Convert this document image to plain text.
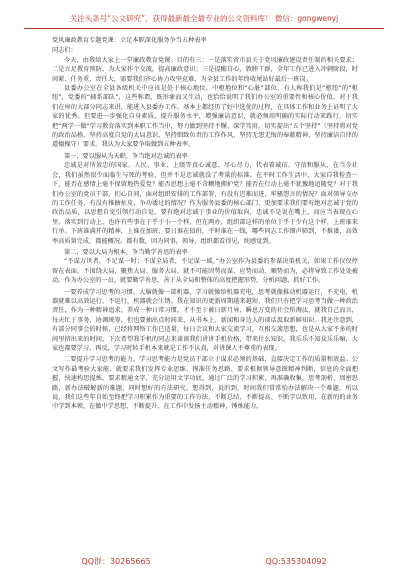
关注头条号“公文研究”，获得最新最全最专业的公文资料库！ 微信：gongwenyj

党风廉政教育专题党课：立足本职深化服务争当五种表率

同志们：

今天，由我给大家上一堂廉政教育党课。目的有三：一是落实省市县关于党风廉政建设责任制的相关要求；二是立足教育预防，为大家作个交流，提高廉政意识；三是提醒自心，敦睦干群，全年工作已进入冲刺阶段，时间紧、任务重，责任大，需要我们齐心协力攻坚克难，为全县工作的年终收尾站好最后一班岗。

县委办公室在全县各级机关中应该是处于核心地位，中枢地位和“心脏”部位，有人称我们是“枢纽”的“枢纽”，党委的“辅系部队”，这些称谓，既形象而又生动，也恰恰说明了我们办公室的重要性和核心价值。对于我们在座的大部分同志来讲，能进入县委办工作，基本上都经历了好中选优的过程，在具体工作和业务上证明了大家的优秀。但要进一步强化自身素质，提升服务水平，增强廉洁意识，就必须用明确的实际行动来践行，切实把“两学一做”学习教育落实到本职工作当中，努力做到坚持不懈、深学笃用，切实提出“五个坚持”（坚持将对党的政治品格、坚持高度自觉的大局意识、坚持细致负责的工作作风，坚持无怨无悔的奉献精神，坚持廉洁自律的道德操守）要求。我认为大家要争取做到五种表率。

第一，要以服从为天职，争当绝对忠诚的表率

忠诚是对所效忠的国家、人民、事业、上级等真心诚意、尽心尽力，代表着诚信、守信和服从，在当今社会，我们虽然很少面临生与死的考验，但并不是忠诚就没了考量的标准。在平时工作生活中，大家自我检查一下，能否在感情上毫不保留地热爱党？能否思想上毫不含糊地拥护党？能否在行动上毫不犹豫地追随党？对于我们办公室的党员干部，扪心自问，面对组织安排的工作部署，有没有迟难而进、牢骚怨言的情况？面对领导交办的工作任务，有没有推搪扯皮、争功诿过的情况？作为服务县委的核心部门，更加要求我们要有绝对忠诚于党的政治品质，以思想自觉引领行动自觉。要有绝对忠诚于事业的价值取向，忠诚不是说在嘴上，而应当表现在心里，落实到行动上，也许有些事在于乎于小一个样，但在两办，组织部这样的单位于乎于少有这个样，上班谁来行单。下班谁满开的精神，上谁在加班，要日谁在值班，平时谁在一线，哪些同志工作细声肺到，不推诿，高效率高质量完成，都能概况。都有数，因为同事，领导，组织都看得见，纯感觉到。

第二，要以大局为根本，争当勤学善思的表率

“不谋万世者，不足谋一时；不谋全局者，不足谋一域。”办公室作为县委的参谋决策机关，如果工作仅仅停留在表面，不围绕大局，聚焦大局、服务大局，就不可能因势而谋、应势而动、顺势而为，必将导致工作处处被动。作为办公室的一员，就要勤学善思，善于从全局和整体的高度把握形势，分析问题、抓好工作。

一要养成学习思考的习惯。大脑就像一部机器，学习就像给机器充电，思考就像推动机器运行，不充电，机器就难以高效运行，不运行，机器就会生锈。我在知识的更新周期越来越短，我们只有把学习思考当做一种政治责任，作为一种精神追求，养成一种日常习惯，才不至于被日新月异、瞬息万变的社会所淘汰，就我自己而言，每天忙于事务，协调统筹，但也要抽出点时间来，从书本上、新闻和身边人的谈话汲取新鲜知识。我还注意到，有部分同事会的时候，已经将网络工作已适量，每日会议和大家交流学习，互相交流思想，也是从大家不多的时间里挤出来的时间，下次希望我手机的同志来谈谈我们讲讲手机价格，带来什么知识。我乐乐不知众乐乐嘛，大家也都要学习，再反，学习时转手机本来就是工作不认真，对讲课人不尊重的表现。

二要提升学习思考的能力。学习思考能力是党员干部立于谋求必须的基础，直接决定工作的质量和效益。公文写作最考验大家能，就要求我们发挥专业思维，摸准任务思路、要求根据领导意图精神判断，信息的全面把握，快速构思提炼，要求精通文字，充分运用文字功底，通过广泛的学习积累，再准确收集，思考剖析，周密思路，新办法破解新的难题，同时想好的方法研究，想得到，说的到，时间我们常常怕办法解决一个难题，所以说，我们这些年自始至终把学习积累作为重要的工作方法，不断总结、不断提高、不断学以致用、在新的的业务中学到本领，在做中学思想、不断提升，在工作中发扬主动精神，锤炼能力。

QQ群：30265665	QQ:535304092
